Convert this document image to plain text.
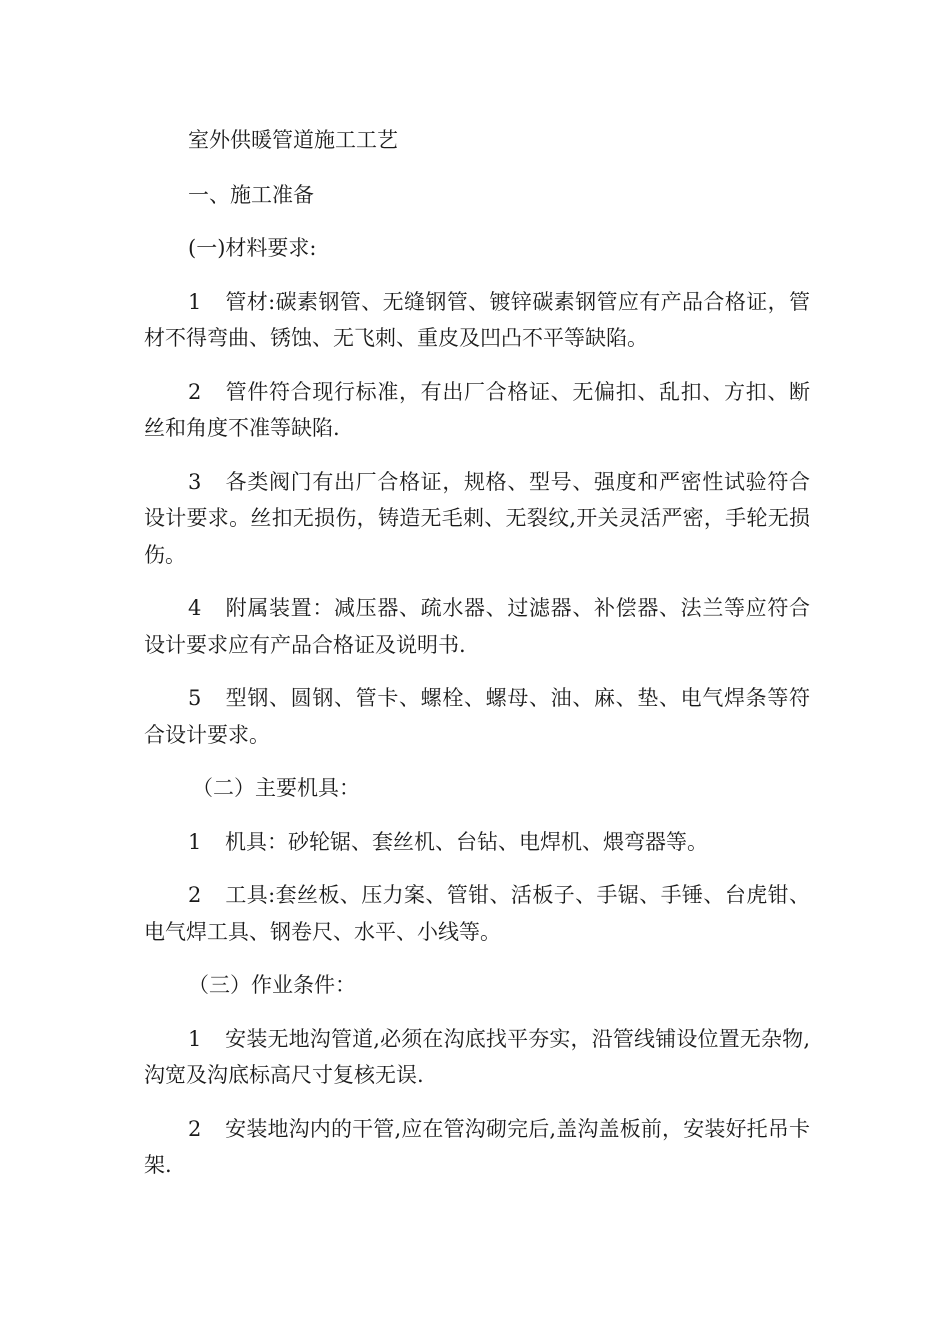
室外供暖管道施工工艺

一、施工准备

(一)材料要求:

1 管材:碳素钢管、无缝钢管、镀锌碳素钢管应有产品合格证，管材不得弯曲、锈蚀、无飞刺、重皮及凹凸不平等缺陷。

2 管件符合现行标准，有出厂合格证、无偏扣、乱扣、方扣、断丝和角度不准等缺陷.

3 各类阀门有出厂合格证，规格、型号、强度和严密性试验符合设计要求。丝扣无损伤，铸造无毛刺、无裂纹,开关灵活严密，手轮无损伤。

4 附属装置：减压器、疏水器、过滤器、补偿器、法兰等应符合设计要求应有产品合格证及说明书.

5 型钢、圆钢、管卡、螺栓、螺母、油、麻、垫、电气焊条等符合设计要求。

（二）主要机具：

1 机具：砂轮锯、套丝机、台钻、电焊机、煨弯器等。

2 工具:套丝板、压力案、管钳、活板子、手锯、手锤、台虎钳、电气焊工具、钢卷尺、水平、小线等。

（三）作业条件：

1 安装无地沟管道,必须在沟底找平夯实，沿管线铺设位置无杂物,沟宽及沟底标高尺寸复核无误.

2 安装地沟内的干管,应在管沟砌完后,盖沟盖板前，安装好托吊卡架.
